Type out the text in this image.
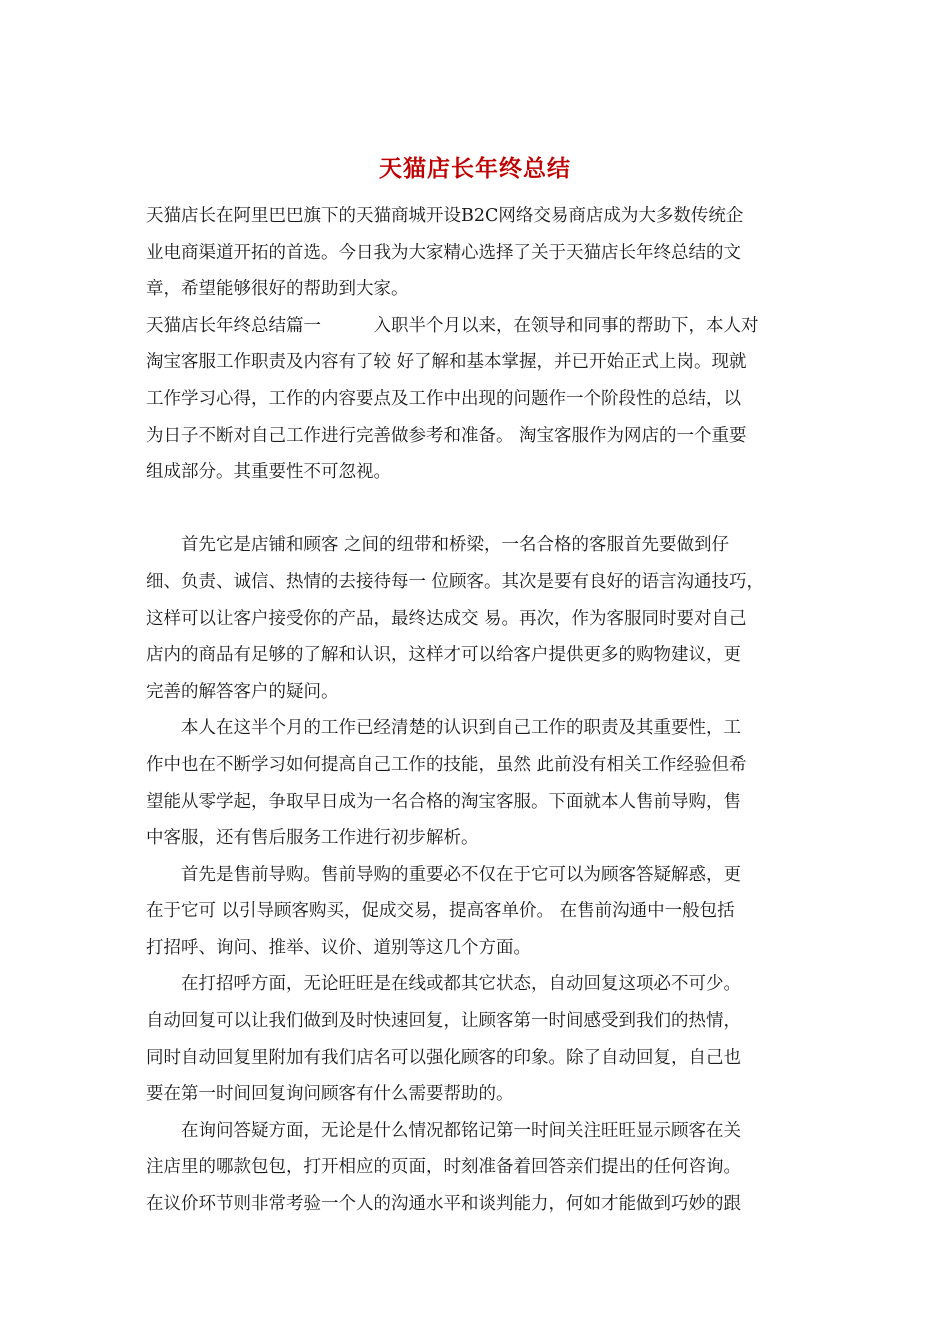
天猫店长年终总结
天猫店长在阿里巴巴旗下的天猫商城开设B2C网络交易商店成为大多数传统企
业电商渠道开拓的首选。今日我为大家精心选择了关于天猫店长年终总结的文
章，希望能够很好的帮助到大家。
天猫店长年终总结篇一　　　入职半个月以来，在领导和同事的帮助下，本人对
淘宝客服工作职责及内容有了较 好了解和基本掌握，并已开始正式上岗。现就
工作学习心得，工作的内容要点及工作中出现的问题作一个阶段性的总结，以
为日子不断对自己工作进行完善做参考和准备。 淘宝客服作为网店的一个重要
组成部分。其重要性不可忽视。
　　首先它是店铺和顾客 之间的纽带和桥梁，一名合格的客服首先要做到仔
细、负责、诚信、热情的去接待每一 位顾客。其次是要有良好的语言沟通技巧，
这样可以让客户接受你的产品，最终达成交 易。再次，作为客服同时要对自己
店内的商品有足够的了解和认识，这样才可以给客户提供更多的购物建议，更
完善的解答客户的疑问。
　　本人在这半个月的工作已经清楚的认识到自己工作的职责及其重要性，工
作中也在不断学习如何提高自己工作的技能，虽然 此前没有相关工作经验但希
望能从零学起，争取早日成为一名合格的淘宝客服。下面就本人售前导购，售
中客服，还有售后服务工作进行初步解析。
　　首先是售前导购。售前导购的重要必不仅在于它可以为顾客答疑解惑，更
在于它可 以引导顾客购买，促成交易，提高客单价。 在售前沟通中一般包括
打招呼、询问、推举、议价、道别等这几个方面。
　　在打招呼方面，无论旺旺是在线或都其它状态，自动回复这项必不可少。
自动回复可以让我们做到及时快速回复，让顾客第一时间感受到我们的热情，
同时自动回复里附加有我们店名可以强化顾客的印象。除了自动回复，自己也
要在第一时间回复询问顾客有什么需要帮助的。
　　在询问答疑方面，无论是什么情况都铭记第一时间关注旺旺显示顾客在关
注店里的哪款包包，打开相应的页面，时刻准备着回答亲们提出的任何咨询。
在议价环节则非常考验一个人的沟通水平和谈判能力，何如才能做到巧妙的跟
